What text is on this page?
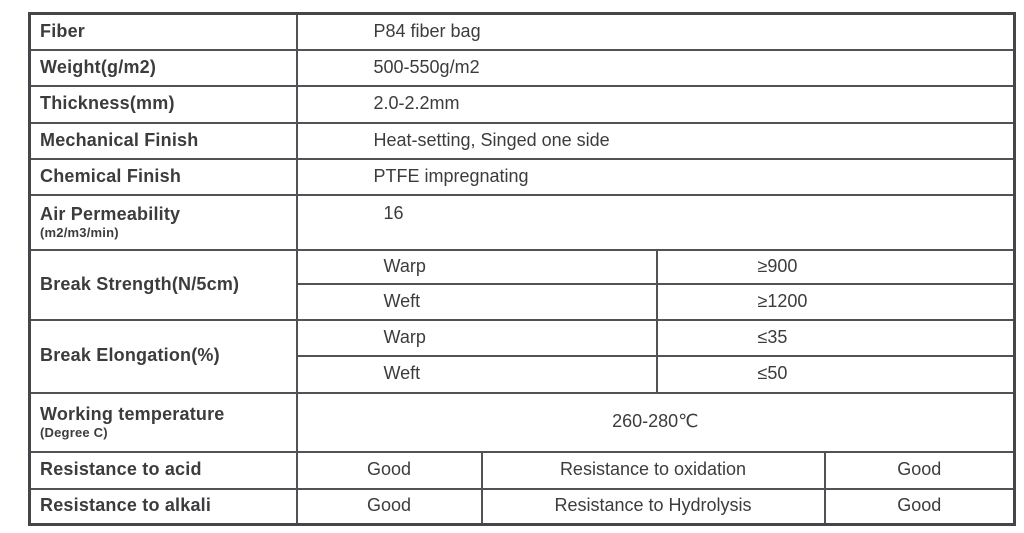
Fiber	P84 fiber bag			
Weight(g/m2)	500-550g/m2			
Thickness(mm)	2.0-2.2mm			
Mechanical Finish	Heat-setting, Singed one side			
Chemical Finish	PTFE impregnating			

Air Permeability
(m2/m3/min)	16			
Break Strength(N/5cm)	Warp		≥900	
	Weft		≥1200	
Break Elongation(%)	Warp		≤35	
	Weft		≤50	

Working temperature
(Degree C)	260-280℃			
Resistance to acid	Good	Resistance to oxidation		Good
Resistance to alkali	Good	Resistance to Hydrolysis		Good
